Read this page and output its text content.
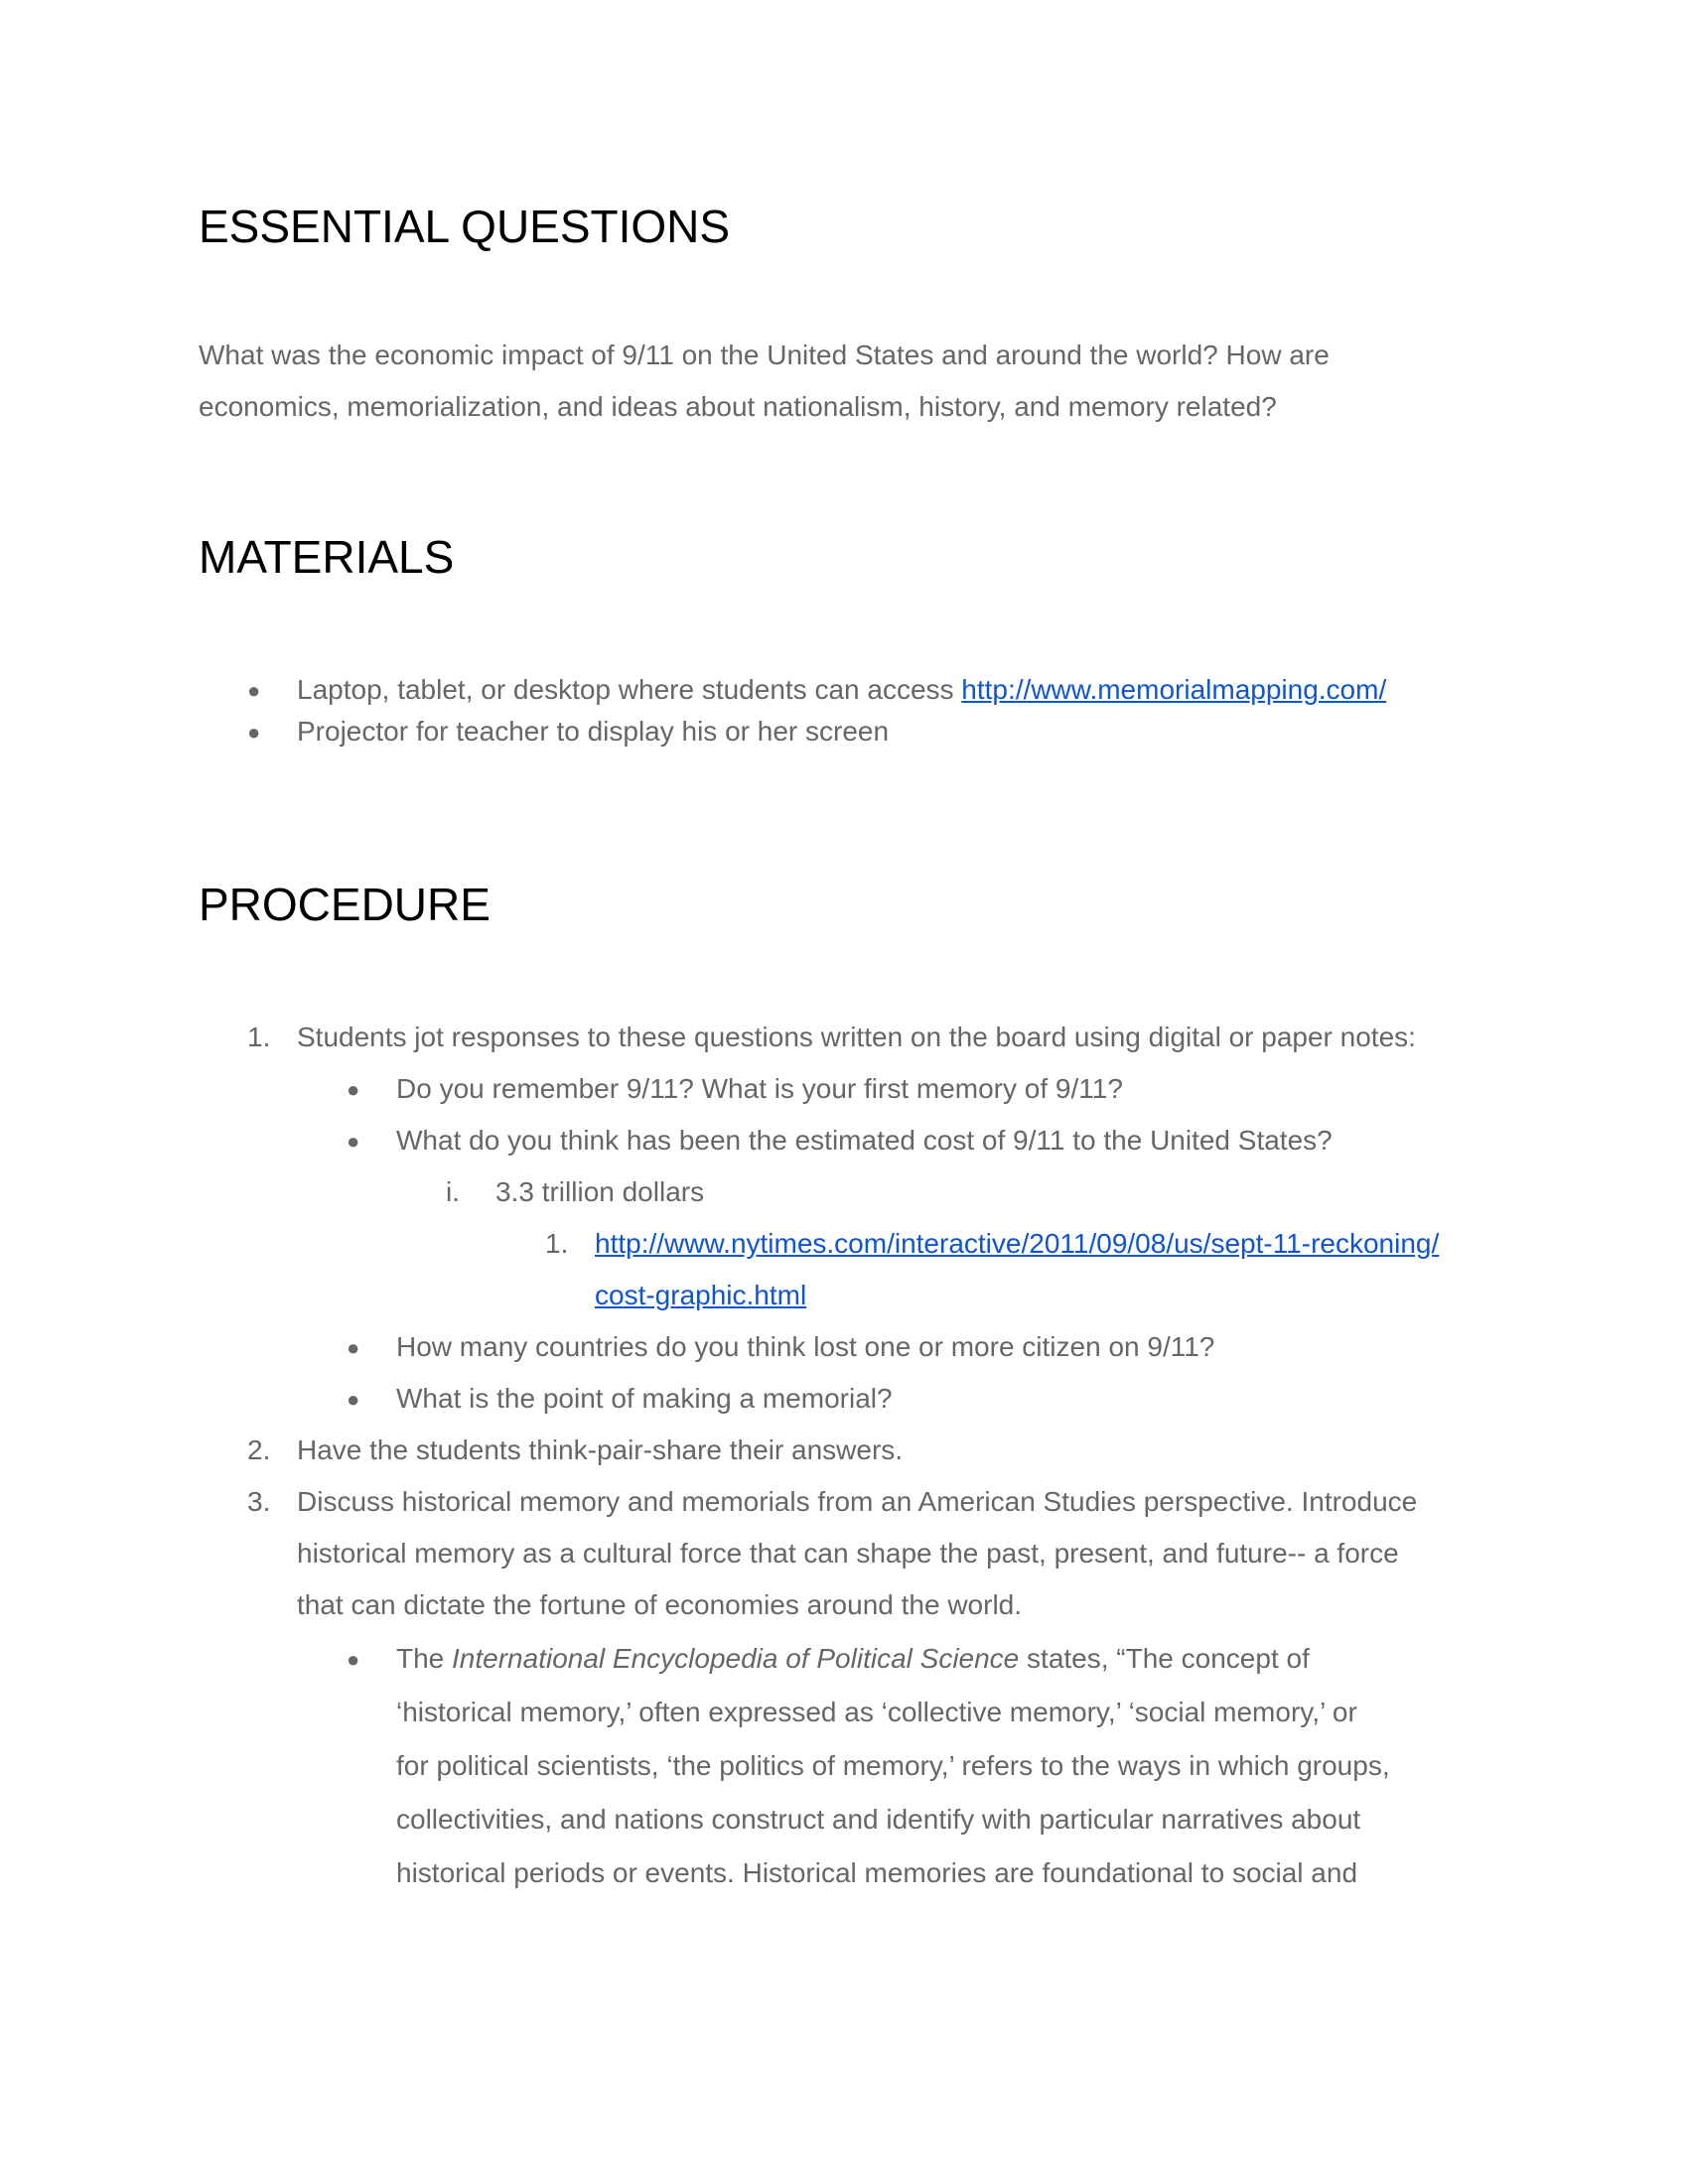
ESSENTIAL QUESTIONS

What was the economic impact of 9/11 on the United States and around the world? How are

economics, memorialization, and ideas about nationalism, history, and memory related?

MATERIALS
● Laptop, tablet, or desktop where students can access http://www.memorialmapping.com/

● Projector for teacher to display his or her screen

PROCEDURE
1. Students jot responses to these questions written on the board using digital or paper notes:

● Do you remember 9/11? What is your first memory of 9/11?

● What do you think has been the estimated cost of 9/11 to the United States?

i. 3.3 trillion dollars

1. http://www.nytimes.com/interactive/2011/09/08/us/sept-11-reckoning/

cost-graphic.html

● How many countries do you think lost one or more citizen on 9/11?

● What is the point of making a memorial?

2. Have the students think-pair-share their answers.

3. Discuss historical memory and memorials from an American Studies perspective. Introduce

historical memory as a cultural force that can shape the past, present, and future-- a force

that can dictate the fortune of economies around the world.

● The International Encyclopedia of Political Science states, “The concept of

‘historical memory,’ often expressed as ‘collective memory,’ ‘social memory,’ or

for political scientists, ‘the politics of memory,’ refers to the ways in which groups,

collectivities, and nations construct and identify with particular narratives about

historical periods or events. Historical memories are foundational to social and
